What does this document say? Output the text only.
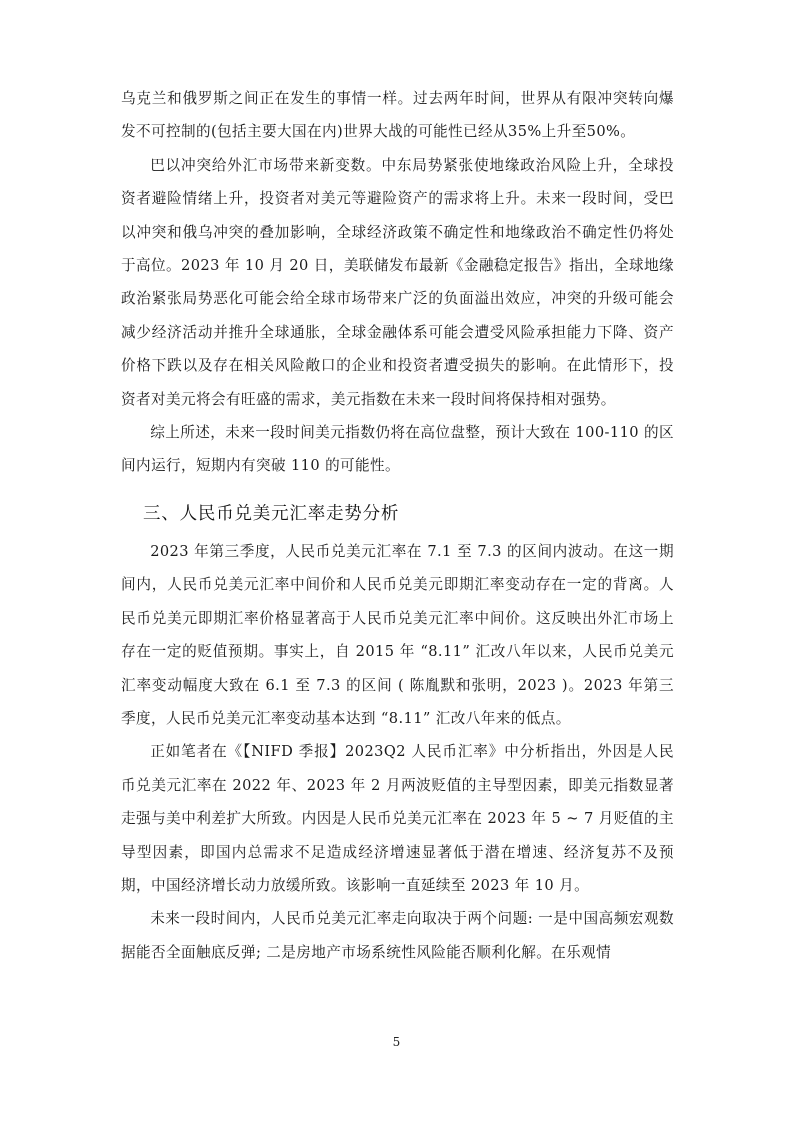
乌克兰和俄罗斯之间正在发生的事情一样。过去两年时间，世界从有限冲突转向爆发不可控制的(包括主要大国在内)世界大战的可能性已经从35%上升至50%。

巴以冲突给外汇市场带来新变数。中东局势紧张使地缘政治风险上升，全球投资者避险情绪上升，投资者对美元等避险资产的需求将上升。未来一段时间，受巴以冲突和俄乌冲突的叠加影响，全球经济政策不确定性和地缘政治不确定性仍将处于高位。2023 年 10 月 20 日，美联储发布最新《金融稳定报告》指出，全球地缘政治紧张局势恶化可能会给全球市场带来广泛的负面溢出效应，冲突的升级可能会减少经济活动并推升全球通胀，全球金融体系可能会遭受风险承担能力下降、资产价格下跌以及存在相关风险敞口的企业和投资者遭受损失的影响。在此情形下，投资者对美元将会有旺盛的需求，美元指数在未来一段时间将保持相对强势。

综上所述，未来一段时间美元指数仍将在高位盘整，预计大致在 100-110 的区间内运行，短期内有突破 110 的可能性。

三、人民币兑美元汇率走势分析

2023 年第三季度，人民币兑美元汇率在 7.1 至 7.3 的区间内波动。在这一期间内，人民币兑美元汇率中间价和人民币兑美元即期汇率变动存在一定的背离。人民币兑美元即期汇率价格显著高于人民币兑美元汇率中间价。这反映出外汇市场上存在一定的贬值预期。事实上，自 2015 年 “8.11” 汇改八年以来，人民币兑美元汇率变动幅度大致在 6.1 至 7.3 的区间 ( 陈胤默和张明，2023 )。2023 年第三季度，人民币兑美元汇率变动基本达到 “8.11” 汇改八年来的低点。

正如笔者在《【NIFD 季报】2023Q2 人民币汇率》中分析指出，外因是人民币兑美元汇率在 2022 年、2023 年 2 月两波贬值的主导型因素，即美元指数显著走强与美中利差扩大所致。内因是人民币兑美元汇率在 2023 年 5 ~ 7 月贬值的主导型因素，即国内总需求不足造成经济增速显著低于潜在增速、经济复苏不及预期，中国经济增长动力放缓所致。该影响一直延续至 2023 年 10 月。

未来一段时间内，人民币兑美元汇率走向取决于两个问题: 一是中国高频宏观数据能否全面触底反弹; 二是房地产市场系统性风险能否顺利化解。在乐观情

5
